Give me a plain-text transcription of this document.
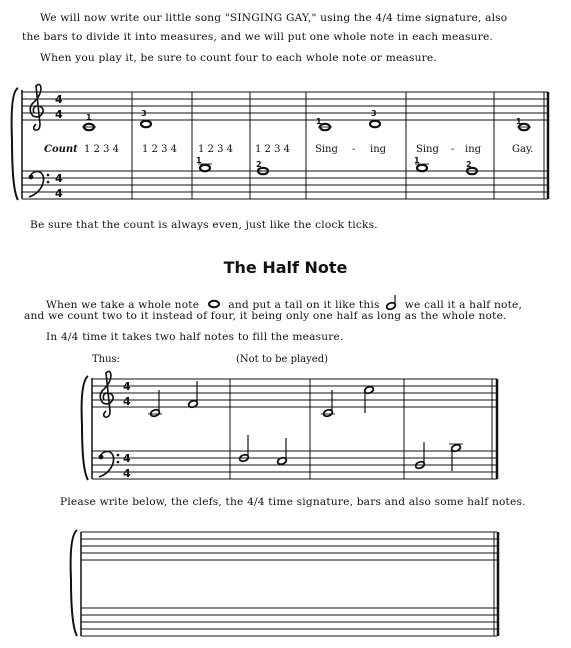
We will now write our little song "SINGING GAY," using the 4/4 time signature, also
the bars to divide it into measures, and we will put one whole note in each measure.
When you play it, be sure to count four to each whole note or measure.
4
4
4
4
1	3
1	2
1
3
1
1
2
Count 1 2 3 4 1 2 3 4 1 2 3 4 1 2 3 4	Sing - ing	Sing - ing	Gay.
Be sure that the count is always even, just like the clock ticks.
The Half Note
When we take a whole note	and put a tail on it like this we call it a half note,
and we count two to it instead of four, it being only one half as long as the whole note.
In 4/4 time it takes two half notes to fill the measure.
Thus:	(Not to be played)
4
4
4
4
Please write below, the clefs, the 4/4 time signature, bars and also some half notes.
